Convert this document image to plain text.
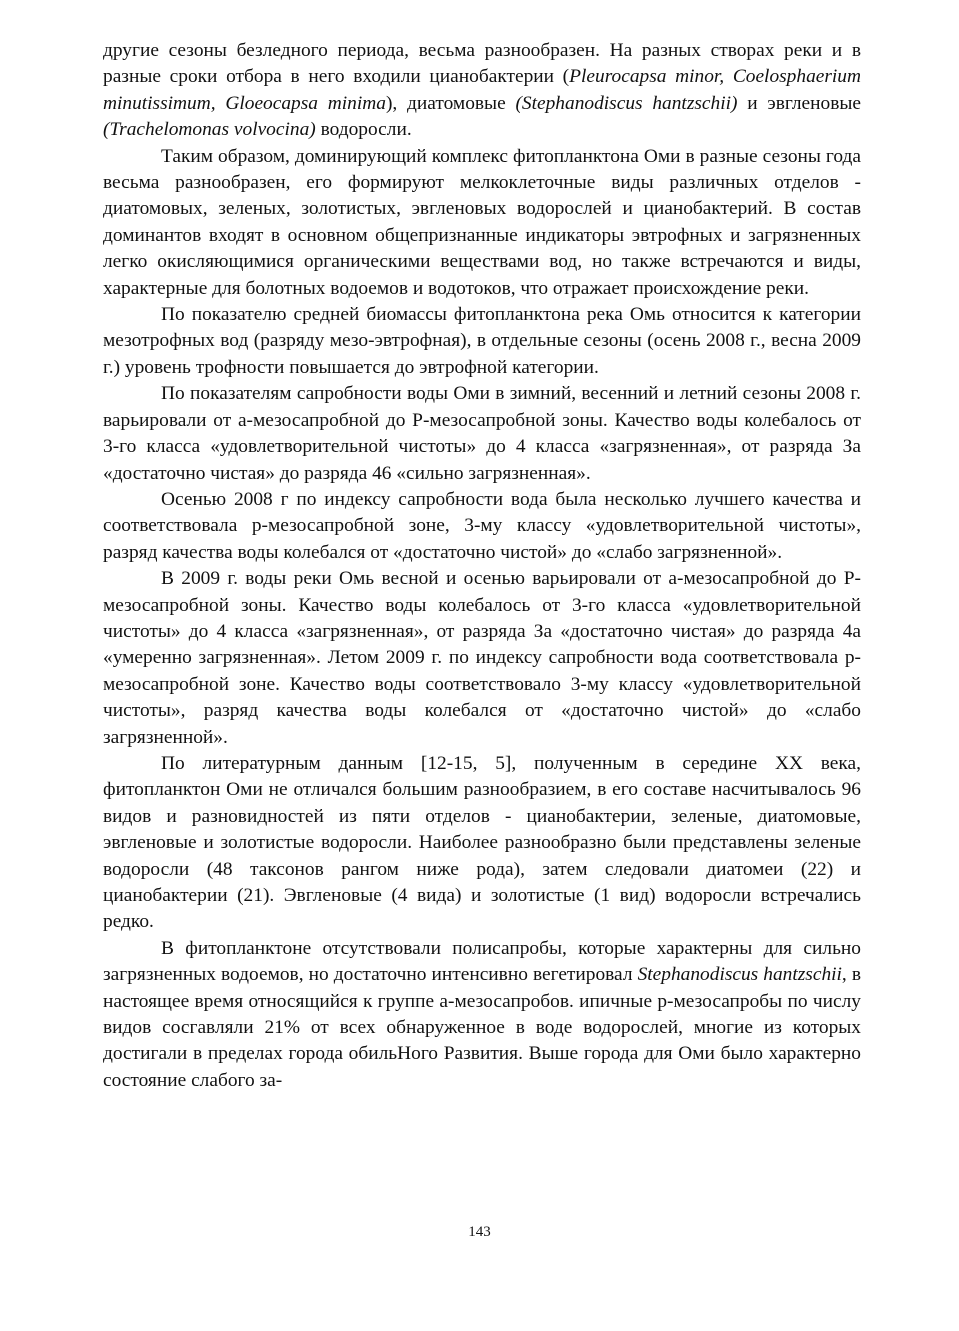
другие сезоны безледного периода, весьма разнообразен. На разных створах реки и в разные сроки отбора в него входили цианобактерии (Pleurocapsa minor, Coelosphaerium minutissimum, Gloeocapsa minima), диатомовые (Stephanodiscus hantzschii) и эвгленовые (Trachelomonas volvocina) водоросли.

Таким образом, доминирующий комплекс фитопланктона Оми в разные сезоны года весьма разнообразен, его формируют мелкоклеточные виды различных отделов - диатомовых, зеленых, золотистых, эвгленовых водорослей и цианобактерий. В состав доминантов входят в основном общепризнанные индикаторы эвтрофных и загрязненных легко окисляющимися органическими веществами вод, но также встречаются и виды, характерные для болотных водоемов и водотоков, что отражает происхождение реки.

По показателю средней биомассы фитопланктона река Омь относится к категории мезотрофных вод (разряду мезо-эвтрофная), в отдельные сезоны (осень 2008 г., весна 2009 г.) уровень трофности повышается до эвтрофной категории.

По показателям сапробности воды Оми в зимний, весенний и летний сезоны 2008 г. варьировали от а-мезосапробной до Р-мезосапробной зоны. Качество воды колебалось от 3-го класса «удовлетворительной чистоты» до 4 класса «загрязненная», от разряда За «достаточно чистая» до разряда 46 «сильно загрязненная».

Осенью 2008 г по индексу сапробности вода была несколько лучшего качества и соответствовала р-мезосапробной зоне, 3-му классу «удовлетворительной чистоты», разряд качества воды колебался от «достаточно чистой» до «слабо загрязненной».

В 2009 г. воды реки Омь весной и осенью варьировали от а-мезосапробной до Р-мезосапробной зоны. Качество воды колебалось от 3-го класса «удовлетворительной чистоты» до 4 класса «загрязненная», от разряда За «достаточно чистая» до разряда 4а «умеренно загрязненная». Летом 2009 г. по индексу сапробности вода соответствовала р-мезосапробной зоне. Качество воды соответствовало 3-му классу «удовлетворительной чистоты», разряд качества воды колебался от «достаточно чистой» до «слабо загрязненной».

По литературным данным [12-15, 5], полученным в середине XX века, фитопланктон Оми не отличался большим разнообразием, в его составе насчитывалось 96 видов и разновидностей из пяти отделов - цианобактерии, зеленые, диатомовые, эвгленовые и золотистые водоросли. Наиболее разнообразно были представлены зеленые водоросли (48 таксонов рангом ниже рода), затем следовали диатомеи (22) и цианобактерии (21). Эвгленовые (4 вида) и золотистые (1 вид) водоросли встречались редко.

В фитопланктоне отсутствовали полисапробы, которые характерны для сильно загрязненных водоемов, но достаточно интенсивно вегетировал Stephanodiscus hantzschii, в настоящее время относящийся к группе а-мезосапробов. ипичные р-мезосапробы по числу видов сосгавляли 21% от всех обнаруженное в воде водорослей, многие из которых достигали в пределах города обильНого Развития. Выше города для Оми было характерно состояние слабого за-

143
